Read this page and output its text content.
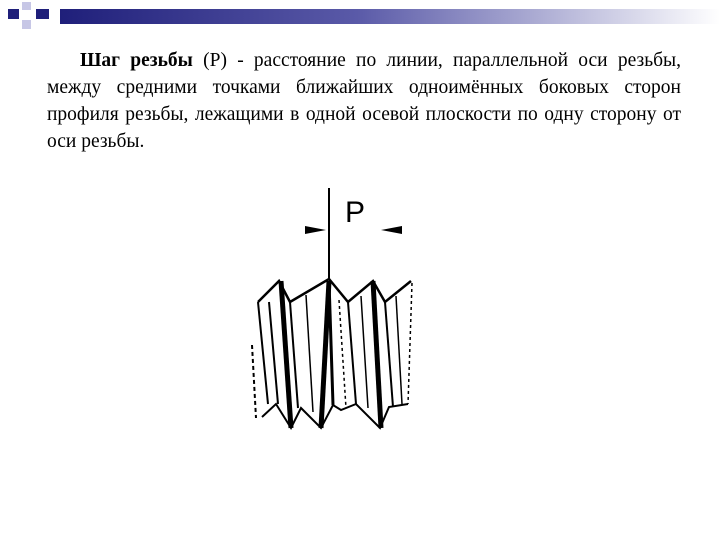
Шаг резьбы (P) - расстояние по линии, параллельной оси резьбы, между средними точками ближайших одноимённых боковых сторон профиля резьбы, лежащими в одной осевой плоскости по одну сторону от оси резьбы.

P
